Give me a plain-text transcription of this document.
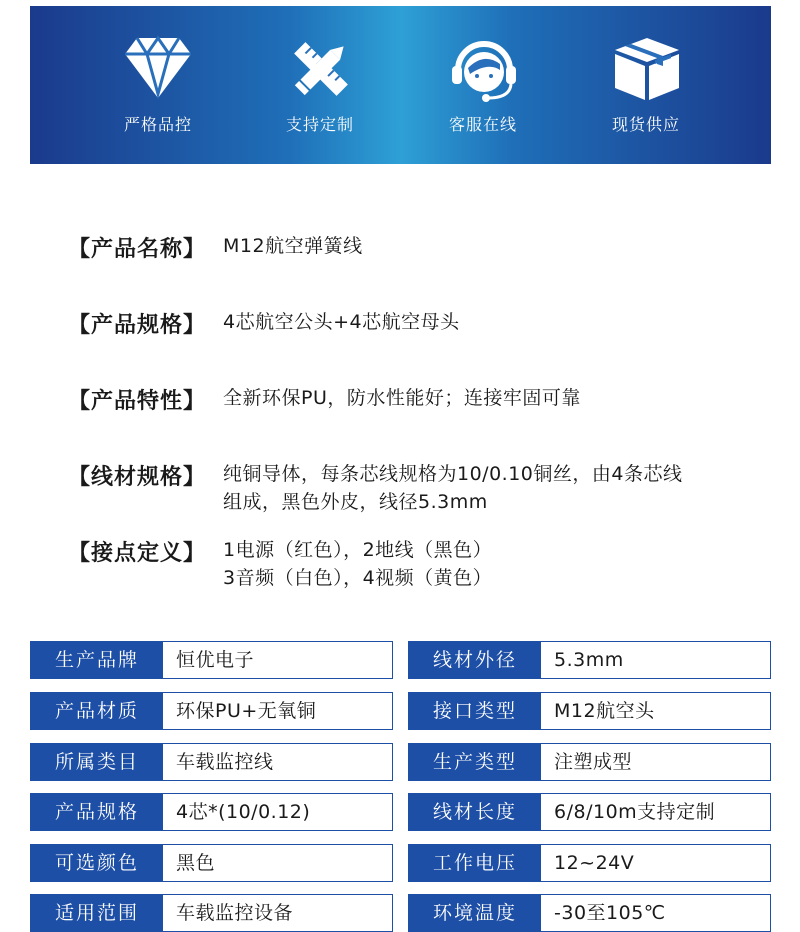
严格品控	支持定制	客服在线	现货供应
【产品名称】 M12航空弹簧线
【产品规格】 4芯航空公头+4芯航空母头
【产品特性】 全新环保PU，防水性能好；连接牢固可靠
【线材规格】 纯铜导体，每条芯线规格为10/0.10铜丝，由4条芯线
组成，黑色外皮，线径5.3mm
【接点定义】 1电源（红色），2地线（黑色）
3音频（白色），4视频（黄色）
生产品牌	恒优电子	线材外径	5.3mm
产品材质	环保PU+无氧铜	接口类型	M12航空头
所属类目	车载监控线	生产类型	注塑成型
产品规格	4芯*(10/0.12)	线材长度	6/8/10m支持定制
可选颜色	黑色	工作电压	12~24V
适用范围	车载监控设备	环境温度	-30至105℃
